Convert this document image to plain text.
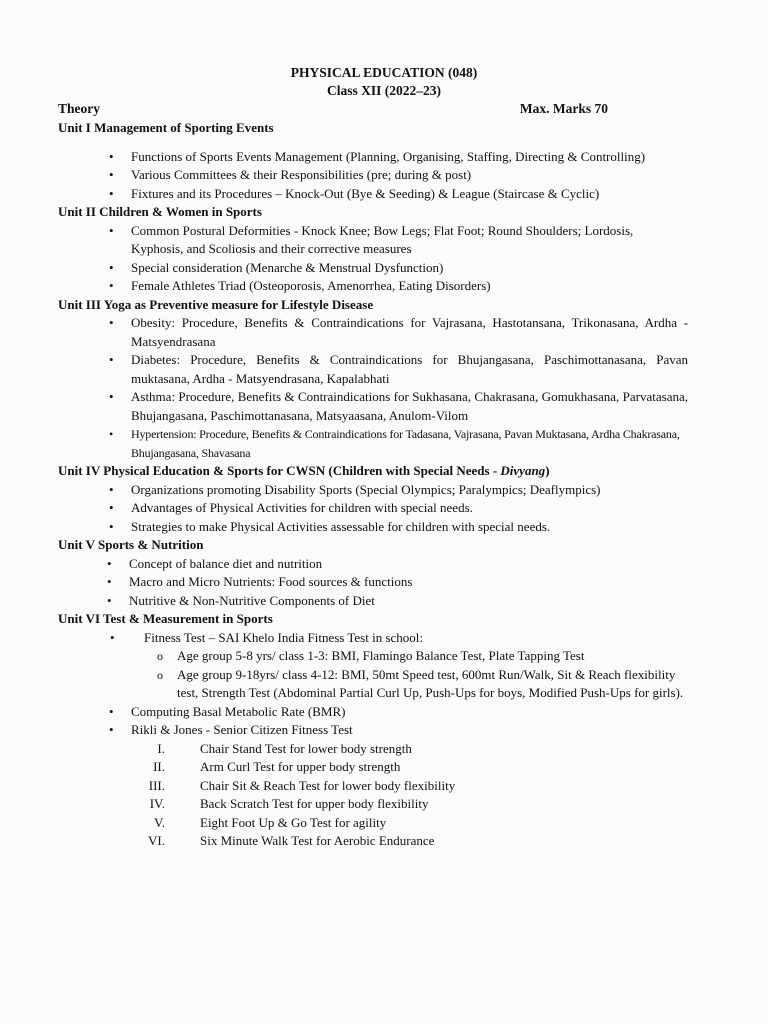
PHYSICAL EDUCATION (048)
Class XII (2022–23)
Theory	Max. Marks 70

Unit I Management of Sporting Events

• Functions of Sports Events Management (Planning, Organising, Staffing, Directing & Controlling)
• Various Committees & their Responsibilities (pre; during & post)
• Fixtures and its Procedures – Knock-Out (Bye & Seeding) & League (Staircase & Cyclic)

Unit II Children & Women in Sports

• Common Postural Deformities - Knock Knee; Bow Legs; Flat Foot; Round Shoulders; Lordosis, Kyphosis, and Scoliosis and their corrective measures
• Special consideration (Menarche & Menstrual Dysfunction)
• Female Athletes Triad (Osteoporosis, Amenorrhea, Eating Disorders)

Unit III Yoga as Preventive measure for Lifestyle Disease

• Obesity: Procedure, Benefits & Contraindications for Vajrasana, Hastotansana, Trikonasana, Ardha - Matsyendrasana
• Diabetes: Procedure, Benefits & Contraindications for Bhujangasana, Paschimottanasana, Pavan muktasana, Ardha - Matsyendrasana, Kapalabhati
• Asthma: Procedure, Benefits & Contraindications for Sukhasana, Chakrasana, Gomukhasana, Parvatasana, Bhujangasana, Paschimottanasana, Matsyaasana, Anulom-Vilom
• Hypertension: Procedure, Benefits & Contraindications for Tadasana, Vajrasana, Pavan Muktasana, Ardha Chakrasana, Bhujangasana, Shavasana

Unit IV Physical Education & Sports for CWSN (Children with Special Needs - Divyang)

• Organizations promoting Disability Sports (Special Olympics; Paralympics; Deaflympics)
• Advantages of Physical Activities for children with special needs.
• Strategies to make Physical Activities assessable for children with special needs.

Unit V Sports & Nutrition

• Concept of balance diet and nutrition
• Macro and Micro Nutrients: Food sources & functions
• Nutritive & Non-Nutritive Components of Diet

Unit VI Test & Measurement in Sports

• Fitness Test – SAI Khelo India Fitness Test in school:
o Age group 5-8 yrs/ class 1-3: BMI, Flamingo Balance Test, Plate Tapping Test
o Age group 9-18yrs/ class 4-12: BMI, 50mt Speed test, 600mt Run/Walk, Sit & Reach flexibility test, Strength Test (Abdominal Partial Curl Up, Push-Ups for boys, Modified Push-Ups for girls).
• Computing Basal Metabolic Rate (BMR)
• Rikli & Jones - Senior Citizen Fitness Test
I.	Chair Stand Test for lower body strength
II.	Arm Curl Test for upper body strength
III.	Chair Sit & Reach Test for lower body flexibility
IV.	Back Scratch Test for upper body flexibility
V.	Eight Foot Up & Go Test for agility
VI.	Six Minute Walk Test for Aerobic Endurance
